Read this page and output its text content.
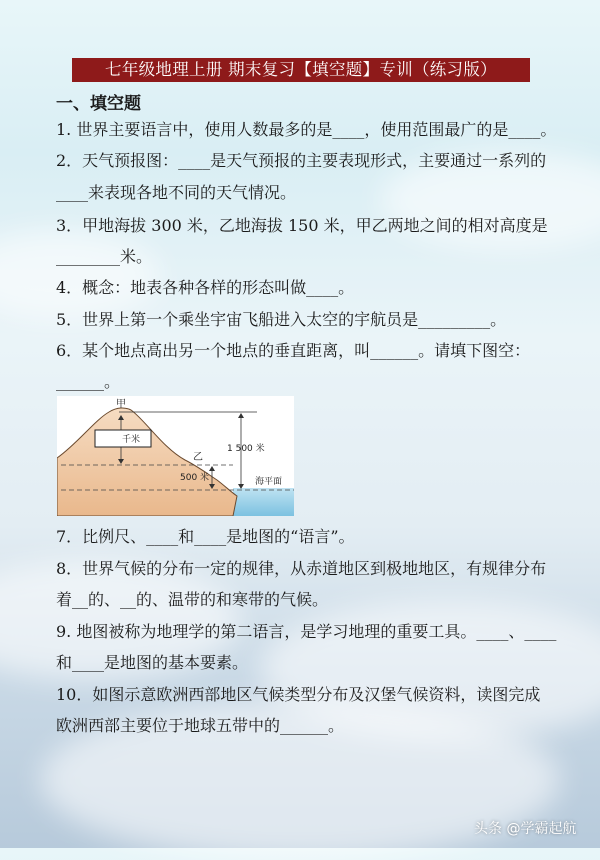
七年级地理上册 期末复习【填空题】专训（练习版）
一、填空题
1. 世界主要语言中，使用人数最多的是____，使用范围最广的是____。
2．天气预报图：____是天气预报的主要表现形式，主要通过一系列的
____来表现各地不同的天气情况。
3．甲地海拔 300 米，乙地海拔 150 米，甲乙两地之间的相对高度是
________米。
4．概念：地表各种各样的形态叫做____。
5．世界上第一个乘坐宇宙飞船进入太空的宇航员是_________。
6．某个地点高出另一个地点的垂直距离，叫______。请填下图空：
______。
千米
甲
乙
1 500 米
500 米	海平面
7．比例尺、____和____是地图的“语言”。
8．世界气候的分布一定的规律，从赤道地区到极地地区，有规律分布
着__的、__的、温带的和寒带的气候。
9. 地图被称为地理学的第二语言，是学习地理的重要工具。____、____
和____是地图的基本要素。
10．如图示意欧洲西部地区气候类型分布及汉堡气候资料，读图完成
欧洲西部主要位于地球五带中的______。
头条 @学霸起航
